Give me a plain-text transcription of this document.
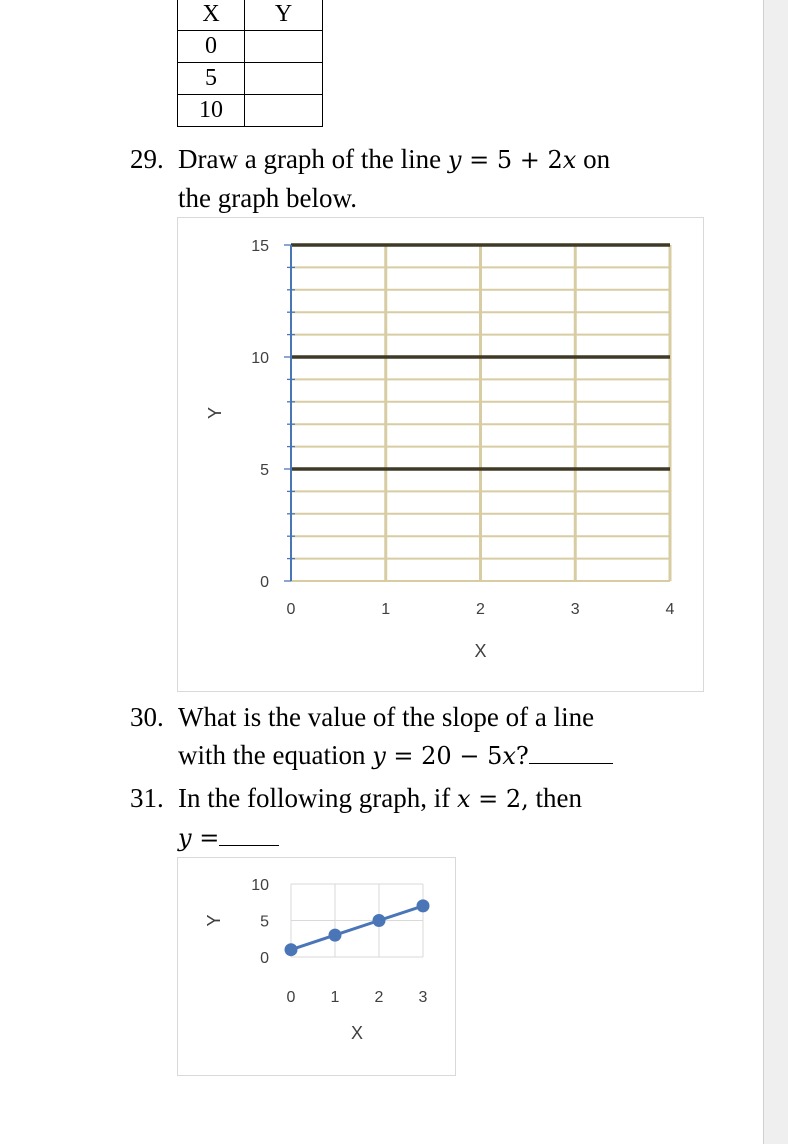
X	Y
0	
5	
10	
29. Draw a graph of the line y = 5 + 2x on
the graph below.
0
5
10
15
0	1	2	3	4
X
Y
30. What is the value of the slope of a line
with the equation y = 20 − 5x?
31. In the following graph, if x = 2, then
y =
0
5
10
0 1 2 3
X
Y
